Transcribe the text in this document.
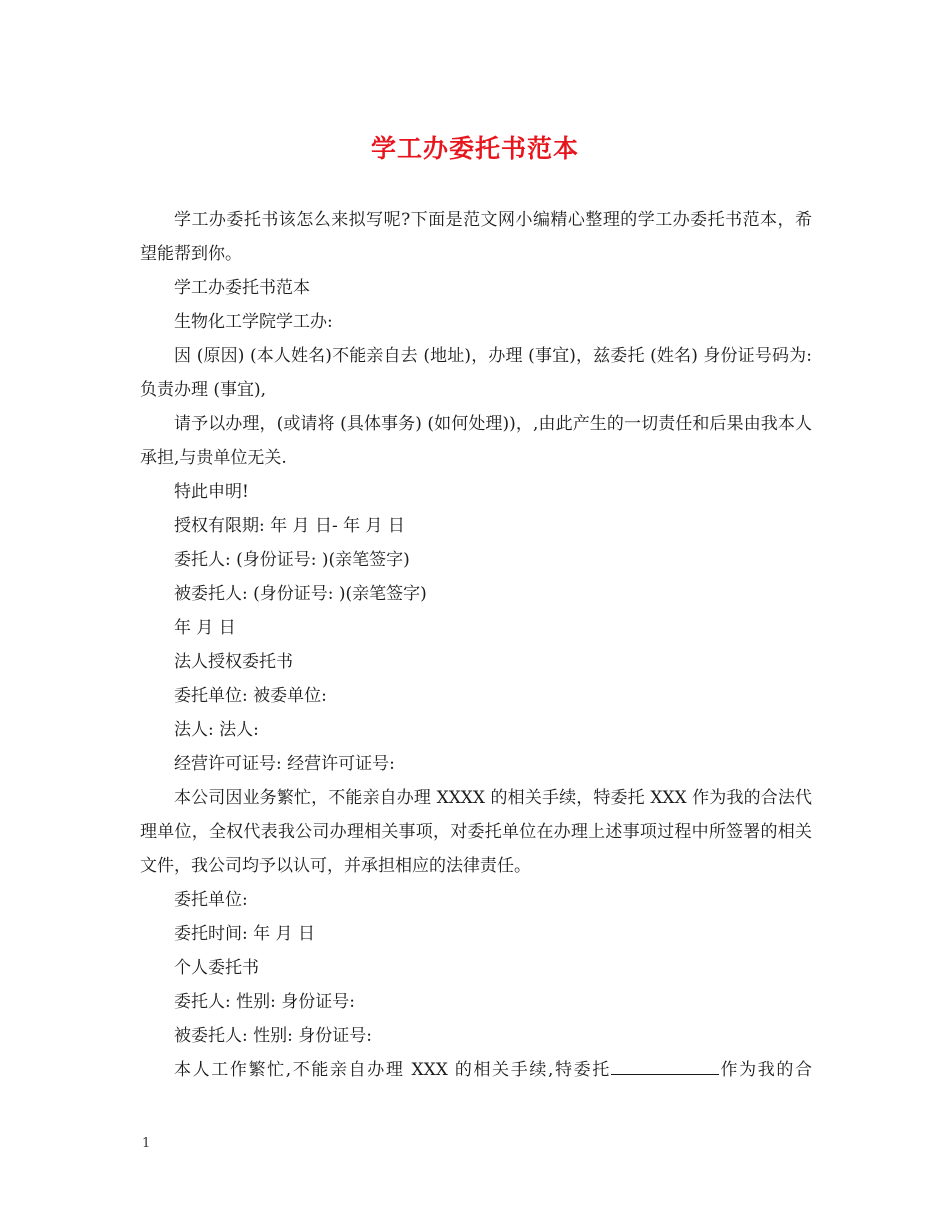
学工办委托书范本

学工办委托书该怎么来拟写呢?下面是范文网小编精心整理的学工办委托书范本，希望能帮到你。

学工办委托书范本

生物化工学院学工办:

因 (原因) (本人姓名)不能亲自去 (地址)，办理 (事宜)，兹委托 (姓名) 身份证号码为: 负责办理 (事宜),

请予以办理，(或请将 (具体事务) (如何处理))，,由此产生的一切责任和后果由我本人承担,与贵单位无关.

特此申明!

授权有限期: 年 月 日- 年 月 日

委托人: (身份证号: )(亲笔签字)

被委托人: (身份证号: )(亲笔签字)

年 月 日

法人授权委托书

委托单位: 被委单位:

法人: 法人:

经营许可证号: 经营许可证号:

本公司因业务繁忙，不能亲自办理 XXXX 的相关手续，特委托 XXX 作为我的合法代理单位，全权代表我公司办理相关事项，对委托单位在办理上述事项过程中所签署的相关文件，我公司均予以认可，并承担相应的法律责任。

委托单位:

委托时间: 年 月 日

个人委托书

委托人: 性别: 身份证号:

被委托人: 性别: 身份证号:

本人工作繁忙,不能亲自办理 XXX 的相关手续,特委托	作为我的合

1
